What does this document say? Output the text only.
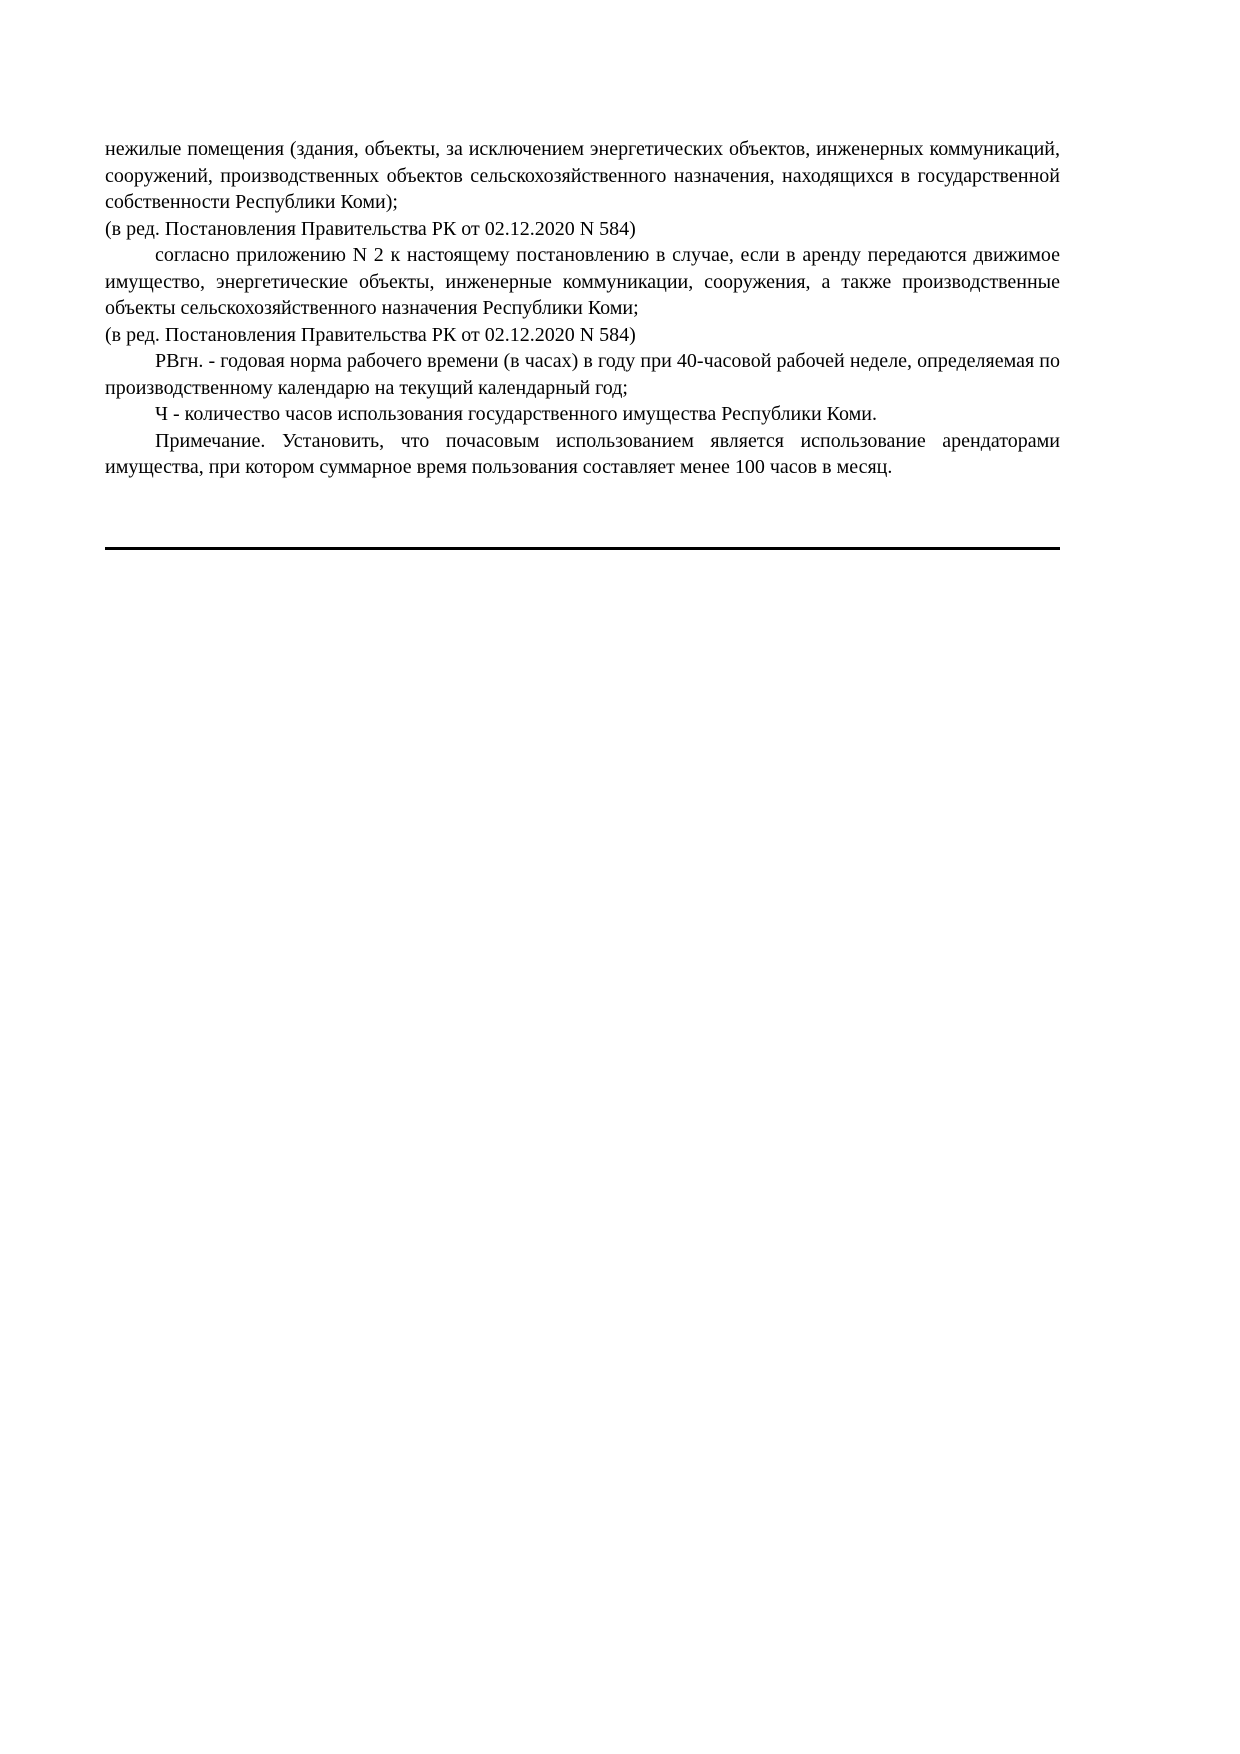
нежилые помещения (здания, объекты, за исключением энергетических объектов, инженерных коммуникаций, сооружений, производственных объектов сельскохозяйственного назначения, находящихся в государственной собственности Республики Коми);

(в ред. Постановления Правительства РК от 02.12.2020 N 584)

согласно приложению N 2 к настоящему постановлению в случае, если в аренду передаются движимое имущество, энергетические объекты, инженерные коммуникации, сооружения, а также производственные объекты сельскохозяйственного назначения Республики Коми;

(в ред. Постановления Правительства РК от 02.12.2020 N 584)

РВгн. - годовая норма рабочего времени (в часах) в году при 40-часовой рабочей неделе, определяемая по производственному календарю на текущий календарный год;

Ч - количество часов использования государственного имущества Республики Коми.

Примечание. Установить, что почасовым использованием является использование арендаторами имущества, при котором суммарное время пользования составляет менее 100 часов в месяц.
